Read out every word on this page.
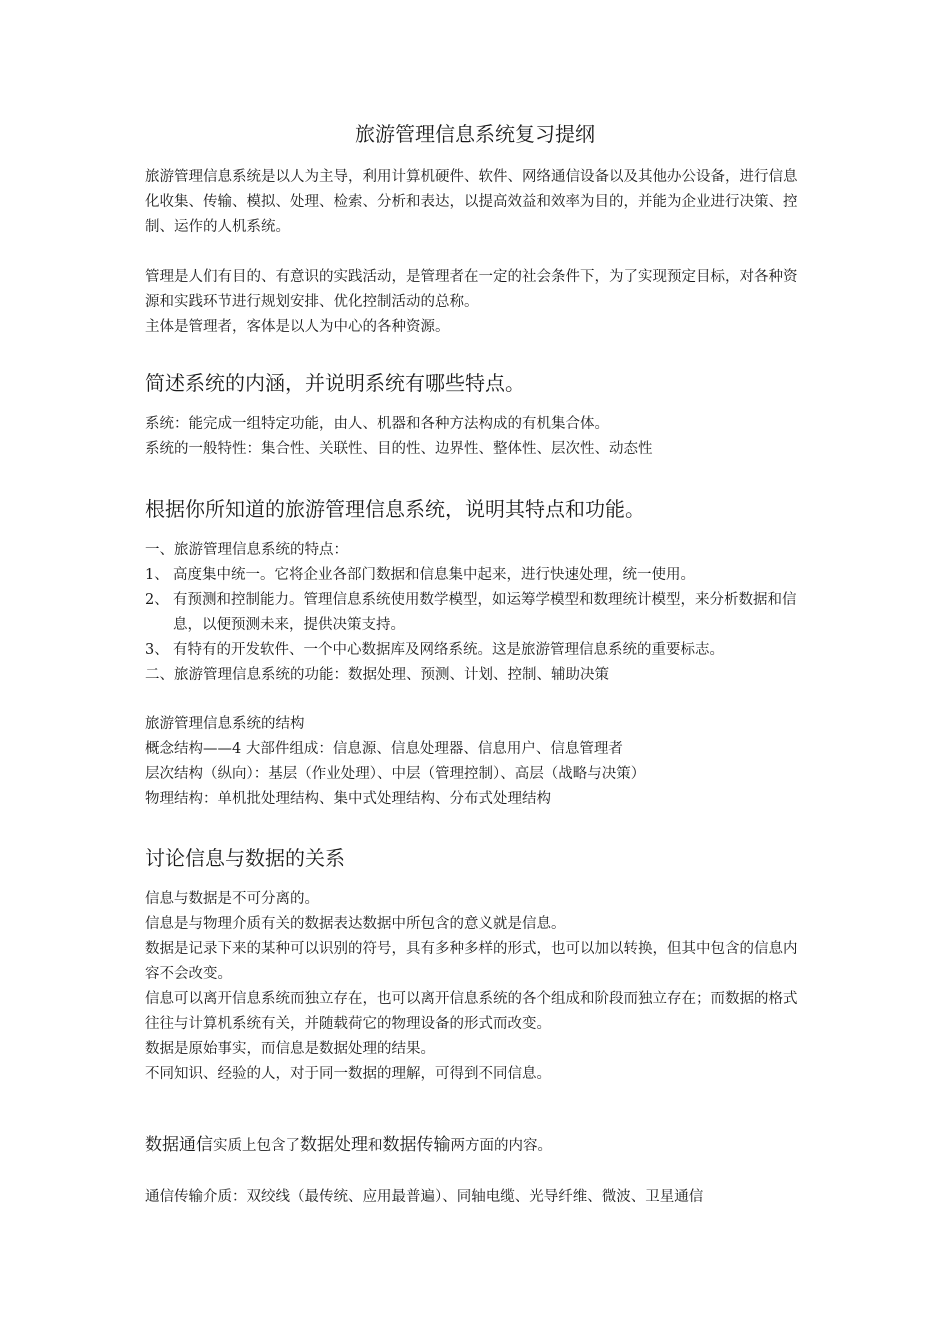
旅游管理信息系统复习提纲

旅游管理信息系统是以人为主导，利用计算机硬件、软件、网络通信设备以及其他办公设备，进行信息化收集、传输、模拟、处理、检索、分析和表达，以提高效益和效率为目的，并能为企业进行决策、控制、运作的人机系统。

管理是人们有目的、有意识的实践活动，是管理者在一定的社会条件下，为了实现预定目标，对各种资源和实践环节进行规划安排、优化控制活动的总称。

主体是管理者，客体是以人为中心的各种资源。

简述系统的内涵，并说明系统有哪些特点。

系统：能完成一组特定功能，由人、机器和各种方法构成的有机集合体。

系统的一般特性：集合性、关联性、目的性、边界性、整体性、层次性、动态性

根据你所知道的旅游管理信息系统，说明其特点和功能。

一、旅游管理信息系统的特点：

1、 高度集中统一。它将企业各部门数据和信息集中起来，进行快速处理，统一使用。

2、 有预测和控制能力。管理信息系统使用数学模型，如运筹学模型和数理统计模型，来分析数据和信息，以便预测未来，提供决策支持。

3、 有特有的开发软件、一个中心数据库及网络系统。这是旅游管理信息系统的重要标志。

二、旅游管理信息系统的功能：数据处理、预测、计划、控制、辅助决策

旅游管理信息系统的结构

概念结构——4 大部件组成：信息源、信息处理器、信息用户、信息管理者

层次结构（纵向）：基层（作业处理）、中层（管理控制）、高层（战略与决策）

物理结构：单机批处理结构、集中式处理结构、分布式处理结构

讨论信息与数据的关系

信息与数据是不可分离的。

信息是与物理介质有关的数据表达数据中所包含的意义就是信息。

数据是记录下来的某种可以识别的符号，具有多种多样的形式，也可以加以转换，但其中包含的信息内容不会改变。

信息可以离开信息系统而独立存在，也可以离开信息系统的各个组成和阶段而独立存在；而数据的格式往往与计算机系统有关，并随载荷它的物理设备的形式而改变。

数据是原始事实，而信息是数据处理的结果。

不同知识、经验的人，对于同一数据的理解，可得到不同信息。

数据通信实质上包含了数据处理和数据传输两方面的内容。

通信传输介质：双绞线（最传统、应用最普遍）、同轴电缆、光导纤维、微波、卫星通信
